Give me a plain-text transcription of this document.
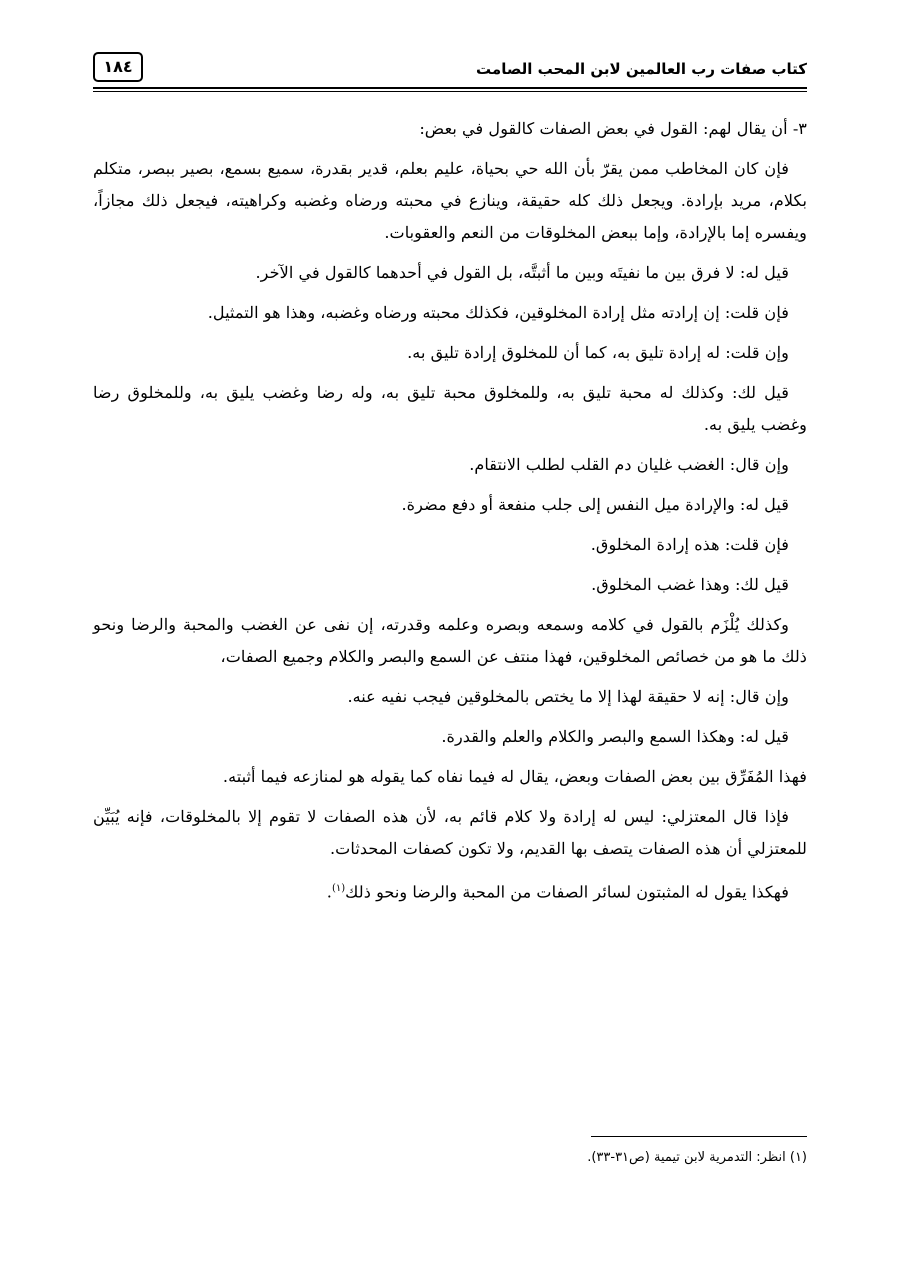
كتاب صفات رب العالمين لابن المحب الصامت
١٨٤

٣- أن يقال لهم: القول في بعض الصفات كالقول في بعض:

فإن كان المخاطب ممن يقرّ بأن الله حي بحياة، عليم بعلم، قدير بقدرة، سميع بسمع، بصير ببصر، متكلم بكلام، مريد بإرادة. ويجعل ذلك كله حقيقة، وينازع في محبته ورضاه وغضبه وكراهيته، فيجعل ذلك مجازاً، ويفسره إما بالإرادة، وإما ببعض المخلوقات من النعم والعقوبات.

قيل له: لا فرق بين ما نفيتَه وبين ما أثبتَّه، بل القول في أحدهما كالقول في الآخر.

فإن قلت: إن إرادته مثل إرادة المخلوقين، فكذلك محبته ورضاه وغضبه، وهذا هو التمثيل.

وإن قلت: له إرادة تليق به، كما أن للمخلوق إرادة تليق به.

قيل لك: وكذلك له محبة تليق به، وللمخلوق محبة تليق به، وله رضا وغضب يليق به، وللمخلوق رضا وغضب يليق به.

وإن قال: الغضب غليان دم القلب لطلب الانتقام.

قيل له: والإرادة ميل النفس إلى جلب منفعة أو دفع مضرة.

فإن قلت: هذه إرادة المخلوق.

قيل لك: وهذا غضب المخلوق.

وكذلك يُلْزَم بالقول في كلامه وسمعه وبصره وعلمه وقدرته، إن نفى عن الغضب والمحبة والرضا ونحو ذلك ما هو من خصائص المخلوقين، فهذا منتف عن السمع والبصر والكلام وجميع الصفات،

وإن قال: إنه لا حقيقة لهذا إلا ما يختص بالمخلوقين فيجب نفيه عنه.

قيل له: وهكذا السمع والبصر والكلام والعلم والقدرة.

فهذا المُفَرِّق بين بعض الصفات وبعض، يقال له فيما نفاه كما يقوله هو لمنازعه فيما أثبته.

فإذا قال المعتزلي: ليس له إرادة ولا كلام قائم به، لأن هذه الصفات لا تقوم إلا بالمخلوقات، فإنه يُبَيِّن للمعتزلي أن هذه الصفات يتصف بها القديم، ولا تكون كصفات المحدثات.

فهكذا يقول له المثبتون لسائر الصفات من المحبة والرضا ونحو ذلك$^{(١)}$.

(١) انظر: التدمرية لابن تيمية (ص٣١-٣٣).
